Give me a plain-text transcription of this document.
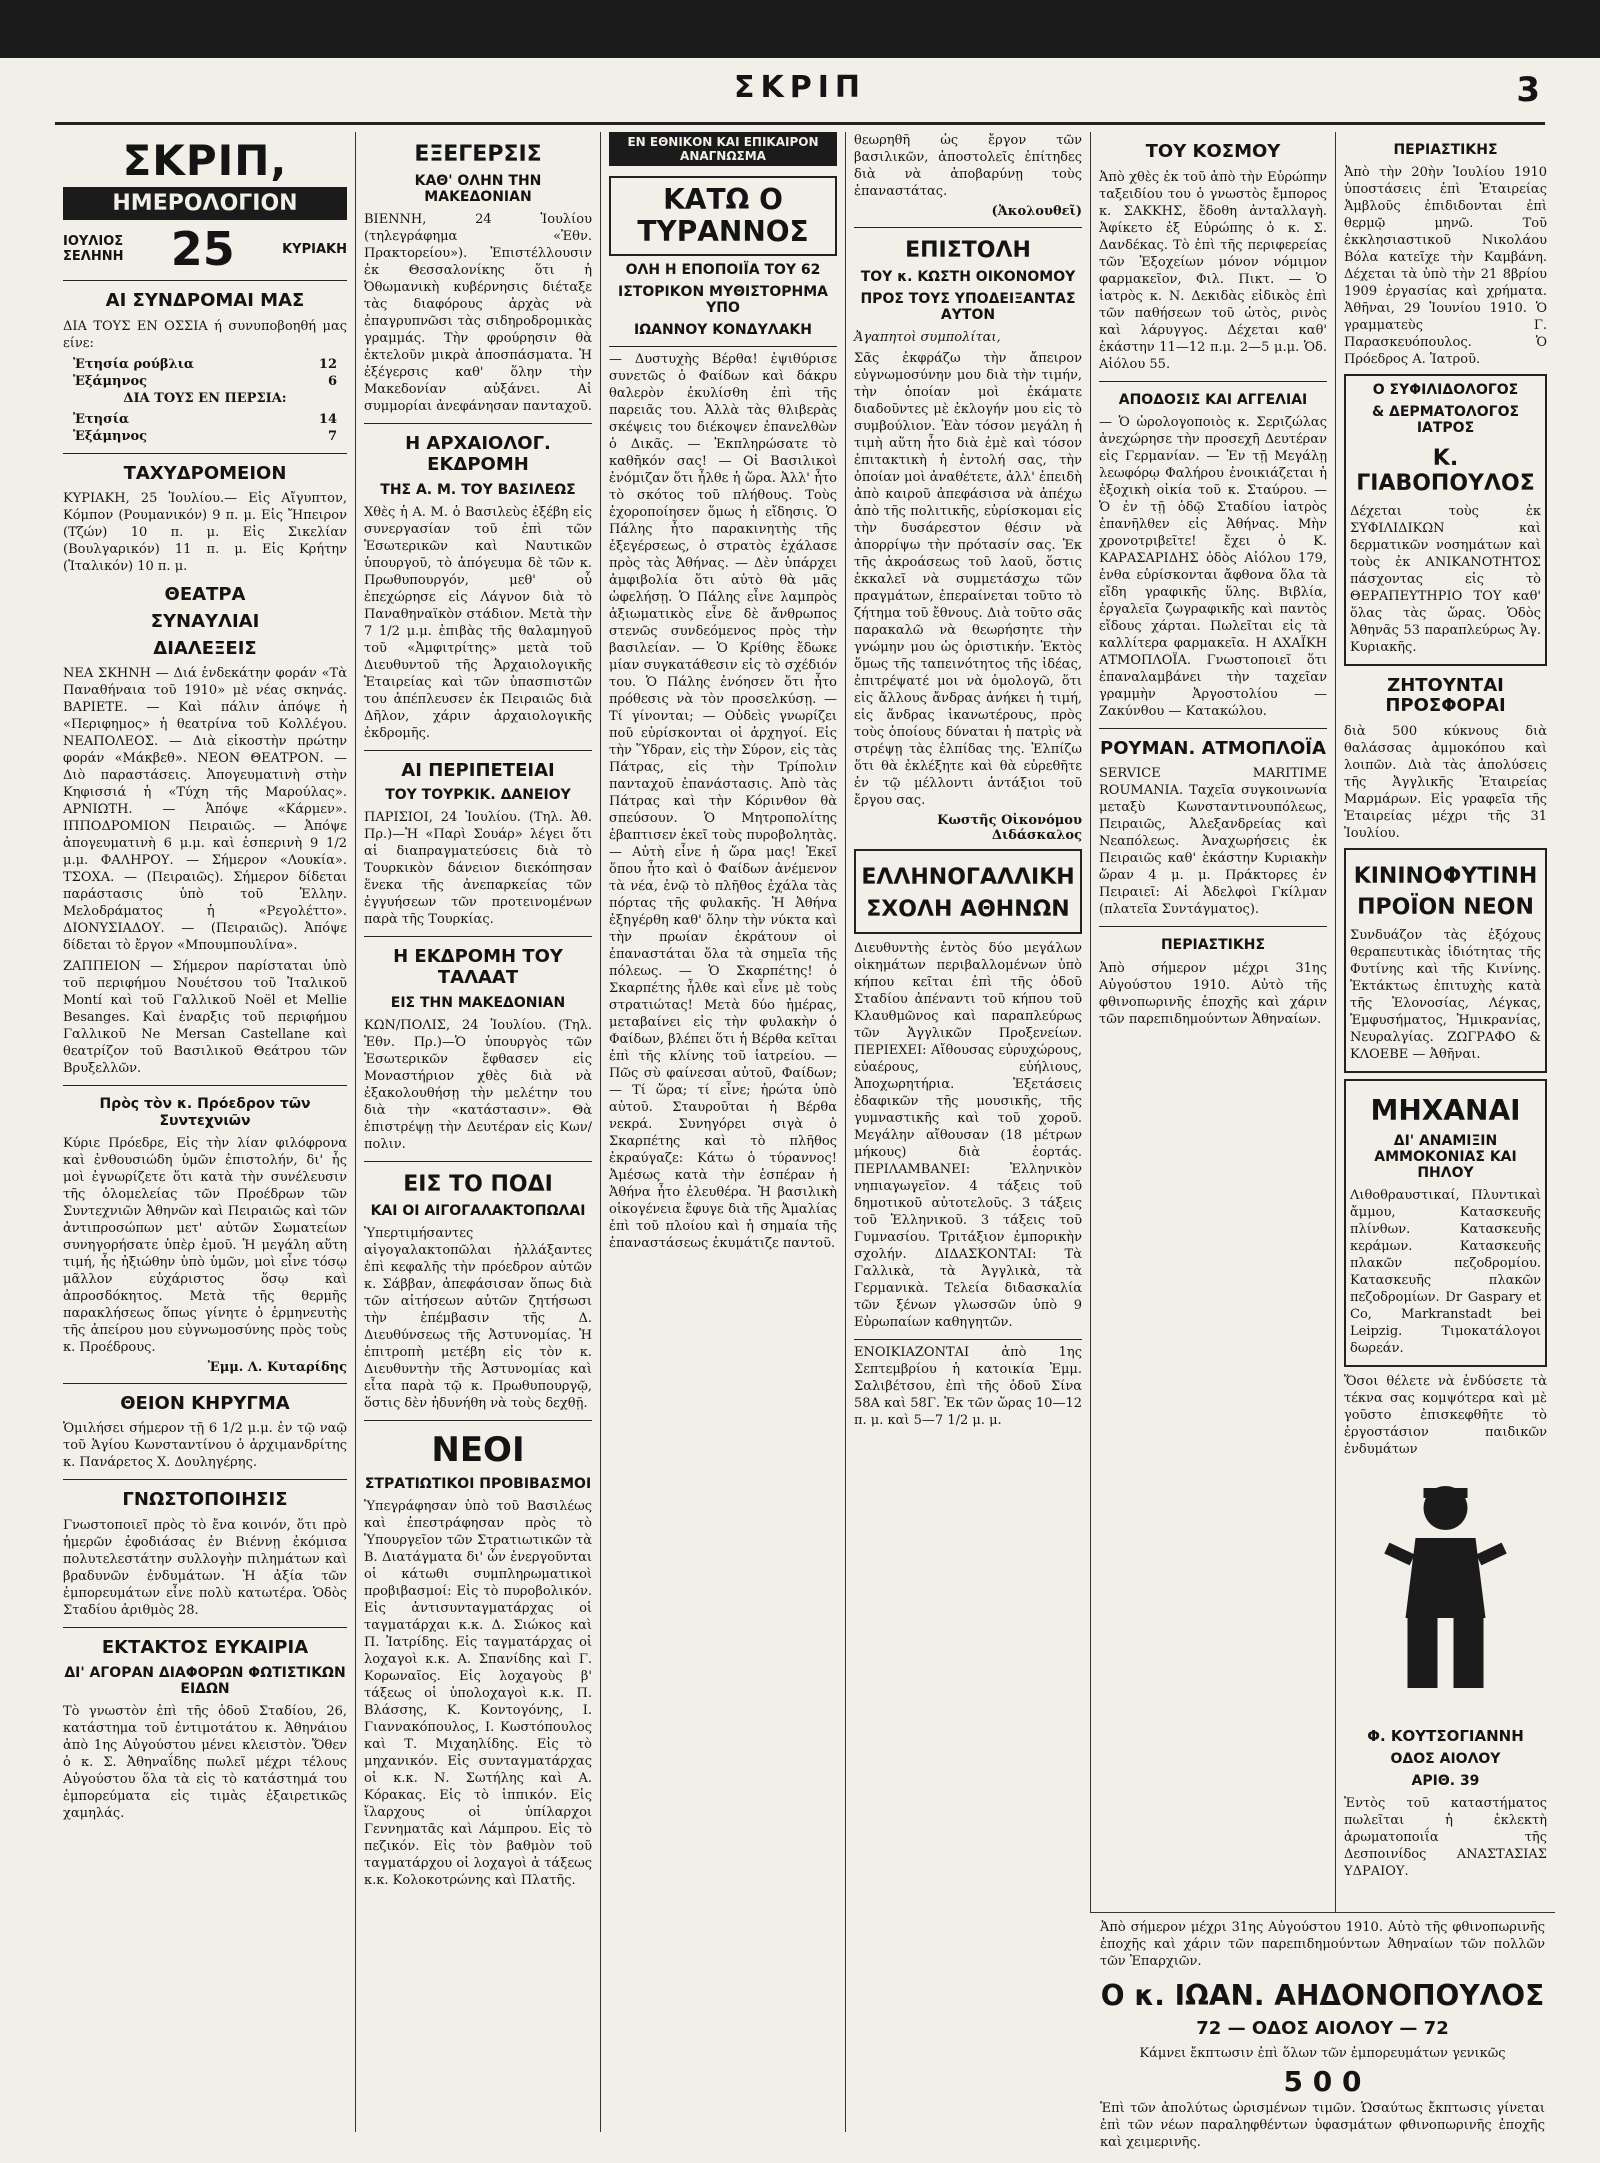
ΣΚΡΙΠ	3
ΣΚΡΙΠ,
ΗΜΕΡΟΛΟΓΙΟΝ
ΙΟΥΛΙΟΣ
ΣΕΛΗΝΗ 25	ΚΥΡΙΑΚΗ
ΑΙ ΣΥΝΔΡΟΜΑΙ ΜΑΣ
ΔΙΑ ΤΟΥΣ ΕΝ ΟΣΣΙΑ ή συνυποβοηθή μας είνε:
Ἐτησία ρούβλια	12
Ἑξάμηνος	6
ΔΙΑ ΤΟΥΣ ΕΝ ΠΕΡΣΙΑ:
Ἐτησία	14
Ἑξάμηνος	7
ΤΑΧΥΔΡΟΜΕΙΟΝ
ΚΥΡΙΑΚΗ, 25 Ἰουλίου.— Εἰς Αἴγυπτον, Κόμπον (Ρουμανικόν) 9 π. μ. Εἰς Ἤπειρον (Τζών) 10 π. μ. Εἰς Σικελίαν (Βουλγαρικόν) 11 π. μ. Εἰς Κρήτην (Ἰταλικόν) 10 π. μ.
ΘΕΑΤΡΑ
ΣΥΝΑΥΛΙΑΙ
ΔΙΑΛΕΞΕΙΣ
ΝΕΑ ΣΚΗΝΗ — Διά ἑνδεκάτην φοράν «Τὰ Παναθήναια τοῦ 1910» μὲ νέας σκηνάς. ΒΑΡΙΕΤΕ. — Καὶ πάλιν ἀπόψε ἡ «Περιφημος» ἡ θεατρίνα τοῦ Κολλέγου. ΝΕΑΠΟΛΕΟΣ. — Διὰ εἰκοστὴν πρώτην φοράν «Μάκβεθ». ΝΕΟΝ ΘΕΑΤΡΟΝ. — Διὸ παραστάσεις. Ἀπογευματινὴ στὴν Κηφισσιά ἡ «Τύχη τῆς Μαρούλας». ΑΡΝΙΩΤΗ. — Ἀπόψε «Κάρμεν». ΙΠΠΟΔΡΟΜΙΟΝ Πειραιῶς. — Ἀπόψε ἀπογευματινὴ 6 μ.μ. καὶ ἑσπερινὴ 9 1/2 μ.μ. ΦΑΛΗΡΟΥ. — Σήμερον «Λουκία». ΤΣΟΧΑ. — (Πειραιῶς). Σήμερον δίδεται παράστασις ὑπὸ τοῦ Ἑλλην. Μελοδράματος ἡ «Ρεγολέττο». ΔΙΟΝΥΣΙΑΔΟΥ. — (Πειραιῶς). Ἀπόψε δίδεται τὸ ἔργον «Μπουμπουλίνα».
ΖΑΠΠΕΙΟΝ — Σήμερον παρίσταται ὑπὸ τοῦ περιφήμου Νουέτσου τοῦ Ἰταλικοῦ Montí καὶ τοῦ Γαλλικοῦ Noël et Mellie Besanges. Καὶ ἐναρξις τοῦ περιφήμου Γαλλικοῦ Ne Mersan Castellane καὶ θεατρίζον τοῦ Βασιλικοῦ Θεάτρου τῶν Βρυξελλῶν.
Πρὸς τὸν κ. Πρόεδρον τῶν Συντεχνιῶν
Κύριε Πρόεδρε, Εἰς τὴν λίαν φιλόφρονα καὶ ἐνθουσιώδη ὑμῶν ἐπιστολήν, δι' ἧς μοὶ ἐγνωρίζετε ὅτι κατὰ τὴν συνέλευσιν τῆς ὁλομελείας τῶν Προέδρων τῶν Συντεχνιῶν Ἀθηνῶν καὶ Πειραιῶς καὶ τῶν ἀντιπροσώπων μετ' αὐτῶν Σωματείων συνηγορήσατε ὑπὲρ ἐμοῦ. Ἡ μεγάλη αὕτη τιμή, ἧς ἠξιώθην ὑπὸ ὑμῶν, μοὶ εἶνε τόσῳ μᾶλλον εὐχάριστος ὅσῳ καὶ ἀπροσδόκητος. Μετὰ τῆς θερμῆς παρακλήσεως ὅπως γίνητε ὁ ἐρμηνευτὴς τῆς ἀπείρου μου εὐγνωμοσύνης πρὸς τοὺς κ. Προέδρους.
Ἐμμ. Λ. Κυταρίδης
ΘΕΙΟΝ ΚΗΡΥΓΜΑ
Ὁμιλήσει σήμερον τῇ 6 1/2 μ.μ. ἐν τῷ ναῷ τοῦ Ἁγίου Κωνσταντίνου ὁ ἀρχιμανδρίτης κ. Πανάρετος Χ. Δουληγέρης.
ΓΝΩΣΤΟΠΟΙΗΣΙΣ
Γνωστοποιεῖ πρὸς τὸ ἔνα κοινόν, ὅτι πρὸ ἡμερῶν ἐφοδιάσας ἐν Βιέννῃ ἐκόμισα πολυτελεστάτην συλλογὴν πιλημάτων καὶ βραδυνῶν ἐνδυμάτων. Ἡ ἀξία τῶν ἐμπορευμάτων εἶνε πολὺ κατωτέρα. Ὁδὸς Σταδίου ἀριθμὸς 28.
ΕΚΤΑΚΤΟΣ ΕΥΚΑΙΡΙΑ
ΔΙ' ΑΓΟΡΑΝ ΔΙΑΦΟΡΩΝ ΦΩΤΙΣΤΙΚΩΝ ΕΙΔΩΝ
Τὸ γνωστὸν ἐπὶ τῆς ὁδοῦ Σταδίου, 26, κατάστημα τοῦ ἐντιμοτάτου κ. Ἀθηνάιου ἀπὸ 1ης Αὐγούστου μένει κλειστὸν. Ὅθεν ὁ κ. Σ. Ἀθηναΐδης πωλεῖ μέχρι τέλους Αὐγούστου ὅλα τὰ εἰς τὸ κατάστημά του ἐμπορεύματα εἰς τιμὰς ἐξαιρετικῶς χαμηλάς.
ΕΞΕΓΕΡΣΙΣ
ΚΑΘ' ΟΛΗΝ ΤΗΝ ΜΑΚΕΔΟΝΙΑΝ
ΒΙΕΝΝΗ, 24 Ἰουλίου (τηλεγράφημα «Ἐθν. Πρακτορείου»). Ἐπιστέλλουσιν ἐκ Θεσσαλονίκης ὅτι ἡ Ὀθωμανικὴ κυβέρνησις διέταξε τὰς διαφόρους ἀρχὰς νὰ ἐπαγρυπνῶσι τὰς σιδηροδρομικὰς γραμμάς. Τὴν φρούρησιν θὰ ἐκτελοῦν μικρὰ ἀποσπάσματα. Ἡ ἐξέγερσις καθ' ὅλην τὴν Μακεδονίαν αὐξάνει. Αἱ συμμορίαι ἀνεφάνησαν πανταχοῦ.
Η ΑΡΧΑΙΟΛΟΓ. ΕΚΔΡΟΜΗ
ΤΗΣ Α. Μ. ΤΟΥ ΒΑΣΙΛΕΩΣ
Χθὲς ἡ Α. Μ. ὁ Βασιλεὺς ἐξέβη εἰς συνεργασίαν τοῦ ἐπὶ τῶν Ἐσωτερικῶν καὶ Ναυτικῶν ὑπουργοῦ, τὸ ἀπόγευμα δὲ τῶν κ. Πρωθυπουργόν, μεθ' οὗ ἐπεχώρησε εἰς Λάγνον διὰ τὸ Παναθηναϊκὸν στάδιον. Μετὰ τὴν 7 1/2 μ.μ. ἐπιβὰς τῆς θαλαμηγοῦ τοῦ «Ἀμφιτρίτης» μετὰ τοῦ Διευθυντοῦ τῆς Ἀρχαιολογικῆς Ἑταιρείας καὶ τῶν ὑπασπιστῶν του ἀπέπλευσεν ἐκ Πειραιῶς διὰ Δῆλον, χάριν ἀρχαιολογικῆς ἐκδρομῆς.
ΑΙ ΠΕΡΙΠΕΤΕΙΑΙ
ΤΟΥ ΤΟΥΡΚΙΚ. ΔΑΝΕΙΟΥ
ΠΑΡΙΣΙΟΙ, 24 Ἰουλίου. (Τηλ. Ἀθ. Πρ.)—Ἡ «Παρὶ Σουάρ» λέγει ὅτι αἱ διαπραγματεύσεις διὰ τὸ Τουρκικὸν δάνειον διεκόπησαν ἕνεκα τῆς ἀνεπαρκείας τῶν ἐγγυήσεων τῶν προτεινομένων παρὰ τῆς Τουρκίας.
Η ΕΚΔΡΟΜΗ ΤΟΥ ΤΑΛΑΑΤ
ΕΙΣ ΤΗΝ ΜΑΚΕΔΟΝΙΑΝ
ΚΩΝ/ΠΟΛΙΣ, 24 Ἰουλίου. (Τηλ. Ἐθν. Πρ.)—Ὁ ὑπουργὸς τῶν Ἐσωτερικῶν ἔφθασεν εἰς Μοναστήριον χθὲς διὰ νὰ ἐξακολουθήσῃ τὴν μελέτην του διὰ τὴν «κατάστασιν». Θὰ ἐπιστρέψῃ τὴν Δευτέραν εἰς Κων/πολιν.
ΕΙΣ ΤΟ ΠΟΔΙ
ΚΑΙ ΟΙ ΑΙΓΟΓΑΛΑΚΤΟΠΩΛΑΙ
Ὑπερτιμήσαντες αἰγογαλακτοπῶλαι ἠλλάξαντες ἐπὶ κεφαλῆς τὴν πρόεδρον αὐτῶν κ. Σάββαν, ἀπεφάσισαν ὅπως διὰ τῶν αἰτήσεων αὐτῶν ζητήσωσι τὴν ἐπέμβασιν τῆς Δ. Διευθύνσεως τῆς Ἀστυνομίας. Ἡ ἐπιτροπὴ μετέβη εἰς τὸν κ. Διευθυντὴν τῆς Ἀστυνομίας καὶ εἶτα παρὰ τῷ κ. Πρωθυπουργῷ, ὅστις δὲν ἠδυνήθη νὰ τοὺς δεχθῇ.
ΝΕΟΙ
ΣΤΡΑΤΙΩΤΙΚΟΙ ΠΡΟΒΙΒΑΣΜΟΙ
Ὑπεγράφησαν ὑπὸ τοῦ Βασιλέως καὶ ἐπεστράφησαν πρὸς τὸ Ὑπουργεῖον τῶν Στρατιωτικῶν τὰ Β. Διατάγματα δι' ὧν ἐνεργοῦνται οἱ κάτωθι συμπληρωματικοὶ προβιβασμοί: Εἰς τὸ πυροβολικόν. Εἰς ἀντισυνταγματάρχας οἱ ταγματάρχαι κ.κ. Δ. Σιώκος καὶ Π. Ἰατρίδης. Εἰς ταγματάρχας οἱ λοχαγοὶ κ.κ. Α. Σπανίδης καὶ Γ. Κορωναῖος. Εἰς λοχαγοὺς β' τάξεως οἱ ὑπολοχαγοὶ κ.κ. Π. Βλάσσης, Κ. Κοντογόνης, Ι. Γιαννακόπουλος, Ι. Κωστόπουλος καὶ Τ. Μιχαηλίδης. Εἰς τὸ μηχανικόν. Εἰς συνταγματάρχας οἱ κ.κ. Ν. Σωτήλης καὶ Α. Κόρακας. Εἰς τὸ ἱππικόν. Εἰς ἴλαρχους οἱ ὑπίλαρχοι Γεννηματᾶς καὶ Λάμπρου. Εἰς τὸ πεζικόν. Εἰς τὸν βαθμὸν τοῦ ταγματάρχου οἱ λοχαγοὶ ἀ τάξεως κ.κ. Κολοκοτρώνης καὶ Πλατῆς.
ΕΝ ΕΘΝΙΚΟΝ ΚΑΙ ΕΠΙΚΑΙΡΟΝ ΑΝΑΓΝΩΣΜΑ
ΚΑΤΩ Ο ΤΥΡΑΝΝΟΣ
ΟΛΗ Η ΕΠΟΠΟΙΪΑ ΤΟΥ 62
ΙΣΤΟΡΙΚΟΝ ΜΥΘΙΣΤΟΡΗΜΑ ΥΠΟ
ΙΩΑΝΝΟΥ ΚΟΝΔΥΛΑΚΗ
— Δυστυχὴς Βέρθα! ἐψιθύρισε συνετῶς ὁ Φαίδων καὶ δάκρυ θαλερὸν ἐκυλίσθη ἐπὶ τῆς παρειᾶς του. Ἀλλὰ τὰς θλιβερὰς σκέψεις του διέκοψεν ἐπανελθὼν ὁ Δικᾶς. — Ἐκπληρώσατε τὸ καθῆκόν σας! — Οἱ Βασιλικοὶ ἐνόμιζαν ὅτι ἦλθε ἡ ὥρα. Ἀλλ' ἦτο τὸ σκότος τοῦ πλήθους. Τοὺς ἐχοροποίησεν ὅμως ἡ εἴδησις. Ὁ Πάλης ἦτο παρακινητὴς τῆς ἐξεγέρσεως, ὁ στρατὸς ἐχάλασε πρὸς τὰς Ἀθήνας. — Δὲν ὑπάρχει ἀμφιβολία ὅτι αὐτὸ θὰ μᾶς ὠφελήσῃ. Ὁ Πάλης εἶνε λαμπρὸς ἀξιωματικὸς εἶνε δὲ ἄνθρωπος στενῶς συνδεόμενος πρὸς τὴν βασιλείαν. — Ὁ Κρίθης ἔδωκε μίαν συγκατάθεσιν εἰς τὸ σχέδιόν του. Ὁ Πάλης ἐνόησεν ὅτι ἦτο πρόθεσις νὰ τὸν προσελκύσῃ. — Τί γίνονται; — Οὐδεὶς γνωρίζει ποῦ εὑρίσκονται οἱ ἀρχηγοί. Εἰς τὴν Ὕδραν, εἰς τὴν Σύρον, εἰς τὰς Πάτρας, εἰς τὴν Τρίπολιν πανταχοῦ ἐπανάστασις. Ἀπὸ τὰς Πάτρας καὶ τὴν Κόρινθον θὰ σπεύσουν. Ὁ Μητροπολίτης ἐβαπτισεν ἐκεῖ τοὺς πυροβολητὰς. — Αὐτὴ εἶνε ἡ ὥρα μας! Ἐκεῖ ὅπου ἦτο καὶ ὁ Φαίδων ἀνέμενον τὰ νέα, ἐνῷ τὸ πλῆθος ἐχάλα τὰς πόρτας τῆς φυλακῆς. Ἡ Ἀθήνα ἐξηγέρθη καθ' ὅλην τὴν νύκτα καὶ τὴν πρωίαν ἐκράτουν οἱ ἐπαναστάται ὅλα τὰ σημεῖα τῆς πόλεως. — Ὁ Σκαρπέτης! ὁ Σκαρπέτης ἦλθε καὶ εἶνε μὲ τοὺς στρατιώτας! Μετὰ δύο ἡμέρας, μεταβαίνει εἰς τὴν φυλακὴν ὁ Φαίδων, βλέπει ὅτι ἡ Βέρθα κεῖται ἐπὶ τῆς κλίνης τοῦ ἰατρείου. — Πῶς σὺ φαίνεσαι αὐτοῦ, Φαίδων; — Τί ὥρα; τί εἶνε; ἠρώτα ὑπὸ αὐτοῦ. Σταυροῦται ἡ Βέρθα νεκρά. Συνηγόρει σιγὰ ὁ Σκαρπέτης καὶ τὸ πλῆθος ἐκραύγαζε: Κάτω ὁ τύραννος! Ἀμέσως κατὰ τὴν ἑσπέραν ἡ Ἀθήνα ἦτο ἐλευθέρα. Ἡ βασιλικὴ οἰκογένεια ἔφυγε διὰ τῆς Ἀμαλίας ἐπὶ τοῦ πλοίου καὶ ἡ σημαία τῆς ἐπαναστάσεως ἐκυμάτιζε παντοῦ.
θεωρηθῆ ὡς ἔργον τῶν βασιλικῶν, ἀποστολεῖς ἐπίτηδες διὰ νὰ ἀποβαρύνῃ τοὺς ἐπαναστάτας.
(Ἀκολουθεῖ)
ΕΠΙΣΤΟΛΗ
ΤΟΥ κ. ΚΩΣΤΗ ΟΙΚΟΝΟΜΟΥ
ΠΡΟΣ ΤΟΥΣ ΥΠΟΔΕΙΞΑΝΤΑΣ ΑΥΤΟΝ
Ἀγαπητοὶ συμπολίται,
Σᾶς ἐκφράζω τὴν ἄπειρον εὐγνωμοσύνην μου διὰ τὴν τιμήν, τὴν ὁποίαν μοὶ ἐκάματε διαδοῦντες μὲ ἐκλογήν μου εἰς τὸ συμβούλιον. Ἐὰν τόσον μεγάλη ἡ τιμὴ αὕτη ἦτο διὰ ἐμὲ καὶ τόσον ἐπιτακτικὴ ἡ ἐντολή σας, τὴν ὁποίαν μοὶ ἀναθέτετε, ἀλλ' ἐπειδὴ ἀπὸ καιροῦ ἀπεφάσισα νὰ ἀπέχω ἀπὸ τῆς πολιτικῆς, εὑρίσκομαι εἰς τὴν δυσάρεστον θέσιν νὰ ἀπορρίψω τὴν πρότασίν σας. Ἐκ τῆς ἀκροάσεως τοῦ λαοῦ, ὅστις ἐκκαλεῖ νὰ συμμετάσχω τῶν πραγμάτων, ἐπεραίνεται τοῦτο τὸ ζήτημα τοῦ ἔθνους. Διὰ τοῦτο σᾶς παρακαλῶ νὰ θεωρήσητε τὴν γνώμην μου ὡς ὁριστικήν. Ἐκτὸς ὅμως τῆς ταπεινότητος τῆς ἰδέας, ἐπιτρέψατέ μοι νὰ ὁμολογῶ, ὅτι εἰς ἄλλους ἄνδρας ἀνήκει ἡ τιμή, εἰς ἄνδρας ἱκανωτέρους, πρὸς τοὺς ὁποίους δύναται ἡ πατρὶς νὰ στρέψῃ τὰς ἐλπίδας της. Ἐλπίζω ὅτι θὰ ἐκλέξητε καὶ θὰ εὑρεθῆτε ἐν τῷ μέλλοντι ἀντάξιοι τοῦ ἔργου σας.
Κωστῆς Οἰκονόμου
Διδάσκαλος
ΕΛΛΗΝΟΓΑΛΛΙΚΗ
ΣΧΟΛΗ ΑΘΗΝΩΝ
Διευθυντὴς ἐντὸς δύο μεγάλων οἰκημάτων περιβαλλομένων ὑπὸ κήπου κεῖται ἐπὶ τῆς ὁδοῦ Σταδίου ἀπέναντι τοῦ κήπου τοῦ Κλαυθμῶνος καὶ παραπλεύρως τῶν Ἀγγλικῶν Προξενείων. ΠΕΡΙΕΧΕΙ: Αἴθουσας εὐρυχώρους, εὐαέρους, εὐήλιους, Ἀποχωρητήρια. Ἐξετάσεις ἐδαφικῶν τῆς μουσικῆς, τῆς γυμναστικῆς καὶ τοῦ χοροῦ. Μεγάλην αἴθουσαν (18 μέτρων μήκους) διὰ ἑορτάς. ΠΕΡΙΛΑΜΒΑΝΕΙ: Ἑλληνικὸν νηπιαγωγεῖον. 4 τάξεις τοῦ δημοτικοῦ αὐτοτελοῦς. 3 τάξεις τοῦ Ἑλληνικοῦ. 3 τάξεις τοῦ Γυμνασίου. Τριτάξιον ἐμπορικὴν σχολήν. ΔΙΔΑΣΚΟΝΤΑΙ: Τὰ Γαλλικὰ, τὰ Ἀγγλικὰ, τὰ Γερμανικὰ. Τελεία διδασκαλία τῶν ξένων γλωσσῶν ὑπὸ 9 Εὐρωπαίων καθηγητῶν.
ΕΝΟΙΚΙΑΖΟΝΤΑΙ ἀπὸ 1ης Σεπτεμβρίου ἡ κατοικία Ἐμμ. Σαλιβέτσου, ἐπὶ τῆς ὁδοῦ Σίνα 58Α καὶ 58Γ. Ἐκ τῶν ὥρας 10—12 π. μ. καὶ 5—7 1/2 μ. μ.
ΤΟΥ ΚΟΣΜΟΥ
Ἀπὸ χθὲς ἐκ τοῦ ἀπὸ τὴν Εὐρώπην ταξειδίου του ὁ γνωστὸς ἔμπορος κ. ΣΑΚΚΗΣ, ἔδοθη ἀνταλλαγὴ. Ἀφίκετο ἐξ Εὐρώπης ὁ κ. Σ. Δανδέκας. Τὸ ἐπὶ τῆς περιφερείας τῶν Ἐξοχείων μόνον νόμιμον φαρμακεῖον, Φιλ. Πικτ. — Ὁ ἰατρὸς κ. Ν. Δεκιδὰς εἰδικὸς ἐπὶ τῶν παθήσεων τοῦ ὠτὸς, ρινὸς καὶ λάρυγγος. Δέχεται καθ' ἑκάστην 11—12 π.μ. 2—5 μ.μ. Ὁδ. Αἰόλου 55.
ΑΠΟΔΟΣΙΣ ΚΑΙ ΑΓΓΕΛΙΑΙ
— Ὁ ὡρολογοποιὸς κ. Σεριζώλας ἀνεχώρησε τὴν προσεχῆ Δευτέραν εἰς Γερμανίαν. — Ἐν τῇ Μεγάλῃ λεωφόρῳ Φαλήρου ἐνοικιάζεται ἡ ἐξοχικὴ οἰκία τοῦ κ. Σταύρου. — Ὁ ἐν τῇ ὁδῷ Σταδίου ἰατρὸς ἐπανῆλθεν εἰς Ἀθήνας. Μὴν χρονοτριβεῖτε! ἔχει ὁ Κ. ΚΑΡΑΣΑΡΙΔΗΣ ὁδὸς Αἰόλου 179, ἐνθα εὑρίσκονται ἄφθονα ὅλα τὰ εἴδη γραφικῆς ὕλης. Βιβλία, ἐργαλεῖα ζωγραφικῆς καὶ παντὸς εἴδους χάρται. Πωλεῖται εἰς τὰ καλλίτερα φαρμακεῖα. Η ΑΧΑΪΚΗ ΑΤΜΟΠΛΟΪΑ. Γνωστοποιεῖ ὅτι ἐπαναλαμβάνει τὴν ταχεῖαν γραμμὴν Ἀργοστολίου — Ζακύνθου — Κατακώλου.
ΡΟΥΜΑΝ. ΑΤΜΟΠΛΟΪΑ
SERVICE MARITIME ROUMANIA. Ταχεῖα συγκοινωνία μεταξὺ Κωνσταντινουπόλεως, Πειραιῶς, Ἀλεξανδρείας καὶ Νεαπόλεως. Ἀναχωρήσεις ἐκ Πειραιῶς καθ' ἑκάστην Κυριακὴν ὥραν 4 μ. μ. Πράκτορες ἐν Πειραιεῖ: Αἱ Ἀδελφοὶ Γκίλμαν (πλατεῖα Συντάγματος).
ΠΕΡΙΑΣΤΙΚΗΣ
Ἀπὸ σήμερον μέχρι 31ης Αὐγούστου 1910. Αὐτὸ τῆς φθινοπωρινῆς ἐποχῆς καὶ χάριν τῶν παρεπιδημούντων Ἀθηναίων.
ΠΕΡΙΑΣΤΙΚΗΣ
Ἀπὸ τὴν 20ὴν Ἰουλίου 1910 ὑποστάσεις ἐπὶ Ἑταιρείας Ἀμβλοῦς ἐπιδιδονται ἐπὶ θερμῷ μηνῶ. Τοῦ ἐκκλησιαστικοῦ Νικολάου Βόλα κατεῖχε τὴν Καμβάνη. Δέχεται τὰ ὑπὸ τὴν 21 8βρίου 1909 ἐργασίας καὶ χρήματα. Ἀθῆναι, 29 Ἰουνίου 1910. Ὁ γραμματεὺς Γ. Παρασκευόπουλος. Ὁ Πρόεδρος Α. Ἰατροῦ.
Ο ΣΥΦΙΛΙΔΟΛΟΓΟΣ
& ΔΕΡΜΑΤΟΛΟΓΟΣ ΙΑΤΡΟΣ
Κ. ΓΙΑΒΟΠΟΥΛΟΣ
Δέχεται τοὺς ἐκ ΣΥΦΙΛΙΔΙΚΩΝ καὶ δερματικῶν νοσημάτων καὶ τοὺς ἐκ ΑΝΙΚΑΝΟΤΗΤΟΣ πάσχοντας εἰς τὸ ΘΕΡΑΠΕΥΤΗΡΙΟ ΤΟΥ καθ' ὅλας τὰς ὥρας. Ὁδὸς Ἀθηνᾶς 53 παραπλεύρως Ἁγ. Κυριακῆς.
ΖΗΤΟΥΝΤΑΙ ΠΡΟΣΦΟΡΑΙ
διὰ 500 κύκνους διὰ θαλάσσας ἀμμοκόπου καὶ λοιπῶν. Διὰ τὰς ἀπολύσεις τῆς Ἀγγλικῆς Ἑταιρείας Μαρμάρων. Εἰς γραφεῖα τῆς Ἑταιρείας μέχρι τῆς 31 Ἰουλίου.
ΚΙΝΙΝΟΦΥΤΙΝΗ
ΠΡΟΪΟΝ ΝΕΟΝ
Συνδυάζον τὰς ἐξόχους θεραπευτικὰς ἰδιότητας τῆς Φυτίνης καὶ τῆς Κινίνης. Ἐκτάκτως ἐπιτυχὴς κατὰ τῆς Ἐλονοσίας, Λέγκας, Ἐμφυσήματος, Ἠμικρανίας, Νευραλγίας. ΖΩΓΡΑΦΟ & ΚΛΟΕΒΕ — Ἀθῆναι.
ΜΗΧΑΝΑΙ
ΔΙ' ΑΝΑΜΙΞΙΝ ΑΜΜΟΚΟΝΙΑΣ ΚΑΙ ΠΗΛΟΥ
Λιθοθραυστικαί, Πλυντικαὶ ἄμμου, Κατασκευῆς πλίνθων. Κατασκευῆς κεράμων. Κατασκευῆς πλακῶν πεζοδρομίου. Κατασκευῆς πλακῶν πεζοδρομίων. Dr Gaspary et Co, Markranstadt bei Leipzig. Τιμοκατάλογοι δωρεάν.
Ὅσοι θέλετε νὰ ἐνδύσετε τὰ τέκνα σας κομψότερα καὶ μὲ γοῦστο ἐπισκεφθῆτε τὸ ἐργοστάσιον παιδικῶν ἐνδυμάτων
Φ. ΚΟΥΤΣΟΓΙΑΝΝΗ
ΟΔΟΣ ΑΙΟΛΟΥ
ΑΡΙΘ. 39
Ἐντὸς τοῦ καταστήματος πωλεῖται ἡ ἐκλεκτὴ ἀρωματοποιΐα τῆς Δεσποινίδος ΑΝΑΣΤΑΣΙΑΣ ΥΔΡΑΙΟΥ.
Ἀπὸ σήμερον μέχρι 31ης Αὐγούστου 1910. Αὐτὸ τῆς φθινοπωρινῆς ἐποχῆς καὶ χάριν τῶν παρεπιδημούντων Ἀθηναίων τῶν πολλῶν τῶν Ἐπαρχιῶν.
Ο κ. ΙΩΑΝ. ΑΗΔΟΝΟΠΟΥΛΟΣ
72 — ΟΔΟΣ ΑΙΟΛΟΥ — 72
Κάμνει ἔκπτωσιν ἐπὶ ὅλων τῶν ἐμπορευμάτων γενικῶς
5 0 0
Ἐπὶ τῶν ἀπολύτως ὡρισμένων τιμῶν. Ὡσαύτως ἔκπτωσις γίνεται ἐπὶ τῶν νέων παραληφθέντων ὑφασμάτων φθινοπωρινῆς ἐποχῆς καὶ χειμερινῆς.
